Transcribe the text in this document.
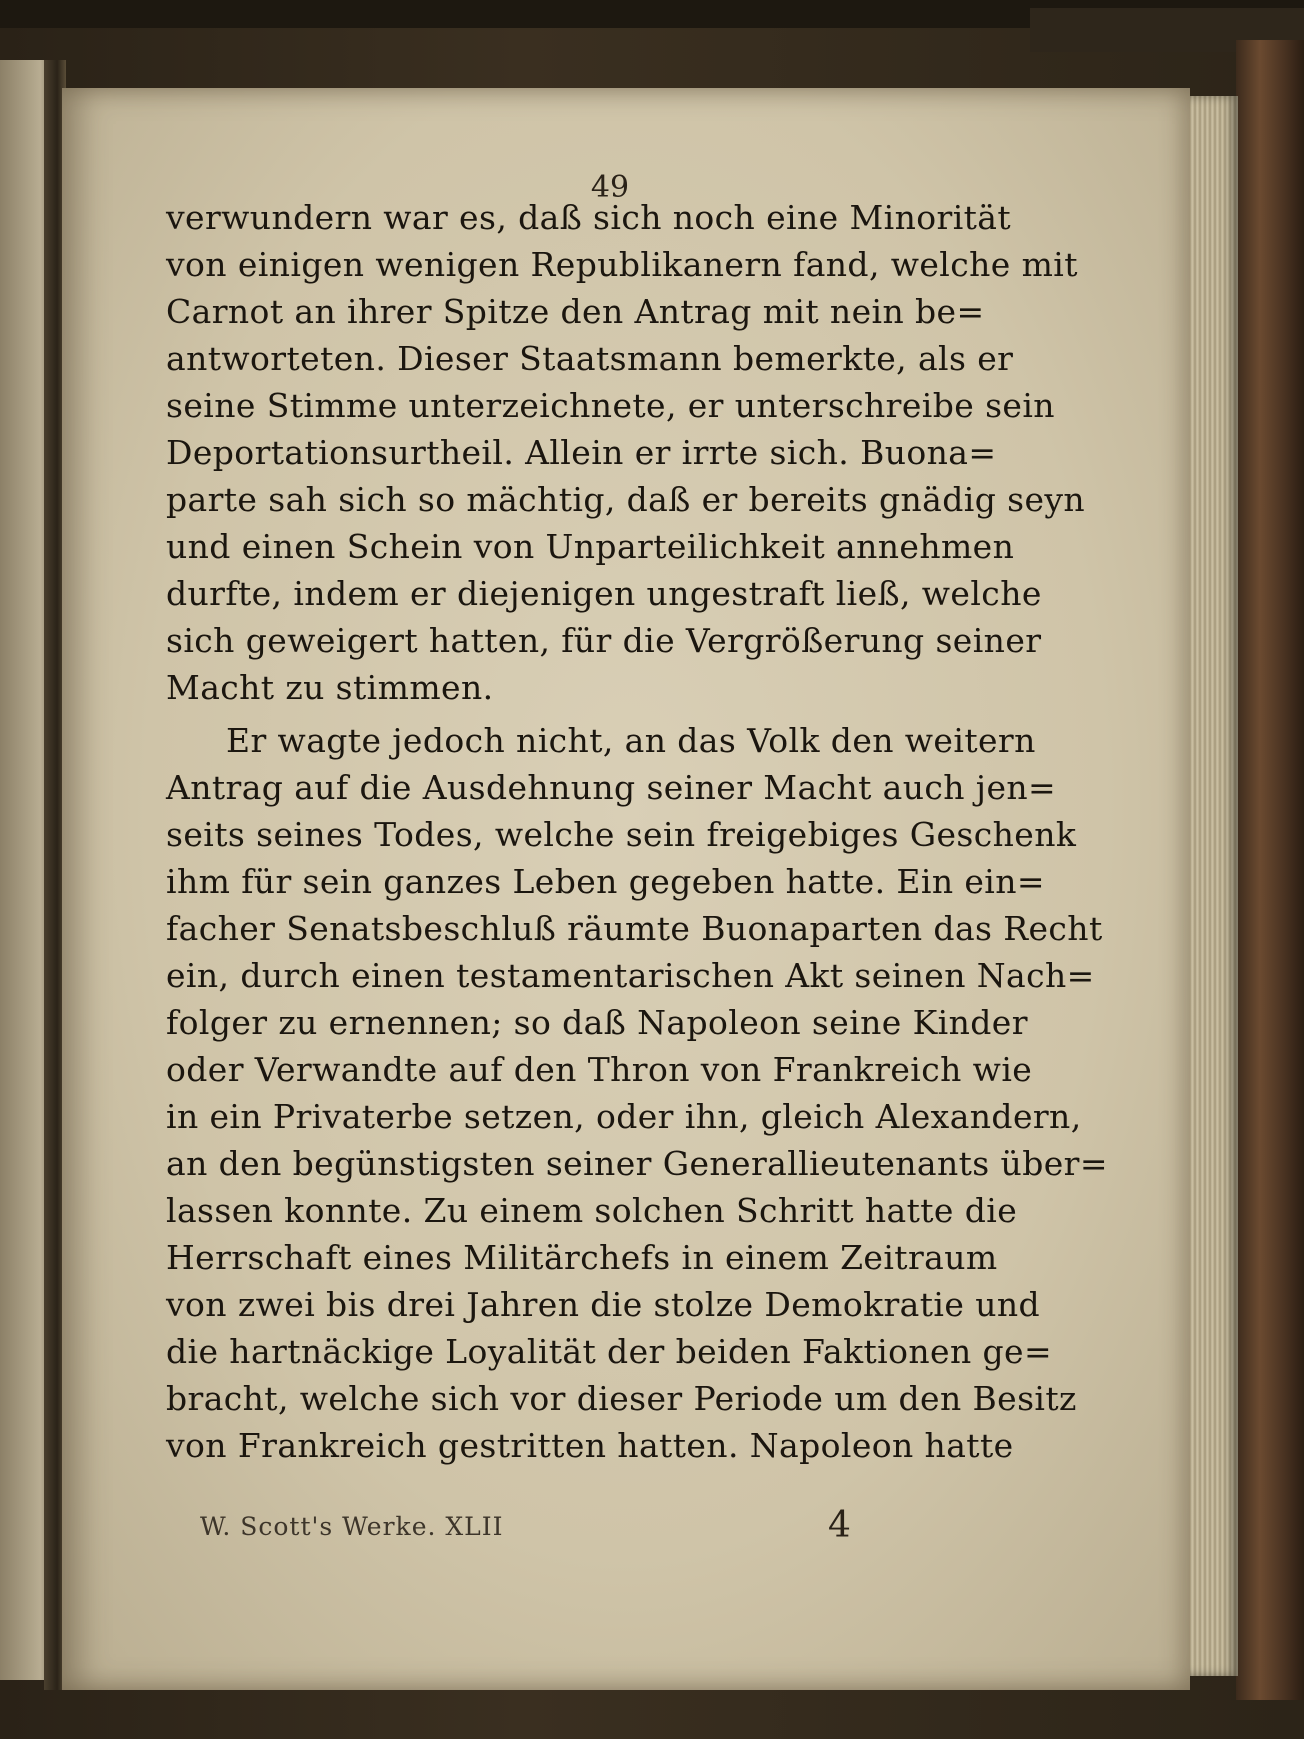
49
verwundern war es, daß sich noch eine Minorität
von einigen wenigen Republikanern fand, welche mit
Carnot an ihrer Spitze den Antrag mit nein be=
antworteten. Dieser Staatsmann bemerkte, als er
seine Stimme unterzeichnete, er unterschreibe sein
Deportationsurtheil. Allein er irrte sich. Buona=
parte sah sich so mächtig, daß er bereits gnädig seyn
und einen Schein von Unparteilichkeit annehmen
durfte, indem er diejenigen ungestraft ließ, welche
sich geweigert hatten, für die Vergrößerung seiner
Macht zu stimmen.
Er wagte jedoch nicht, an das Volk den weitern
Antrag auf die Ausdehnung seiner Macht auch jen=
seits seines Todes, welche sein freigebiges Geschenk
ihm für sein ganzes Leben gegeben hatte. Ein ein=
facher Senatsbeschluß räumte Buonaparten das Recht
ein, durch einen testamentarischen Akt seinen Nach=
folger zu ernennen; so daß Napoleon seine Kinder
oder Verwandte auf den Thron von Frankreich wie
in ein Privaterbe setzen, oder ihn, gleich Alexandern,
an den begünstigsten seiner Generallieutenants über=
lassen konnte. Zu einem solchen Schritt hatte die
Herrschaft eines Militärchefs in einem Zeitraum
von zwei bis drei Jahren die stolze Demokratie und
die hartnäckige Loyalität der beiden Faktionen ge=
bracht, welche sich vor dieser Periode um den Besitz
von Frankreich gestritten hatten. Napoleon hatte
W. Scott's Werke. XLII	4
